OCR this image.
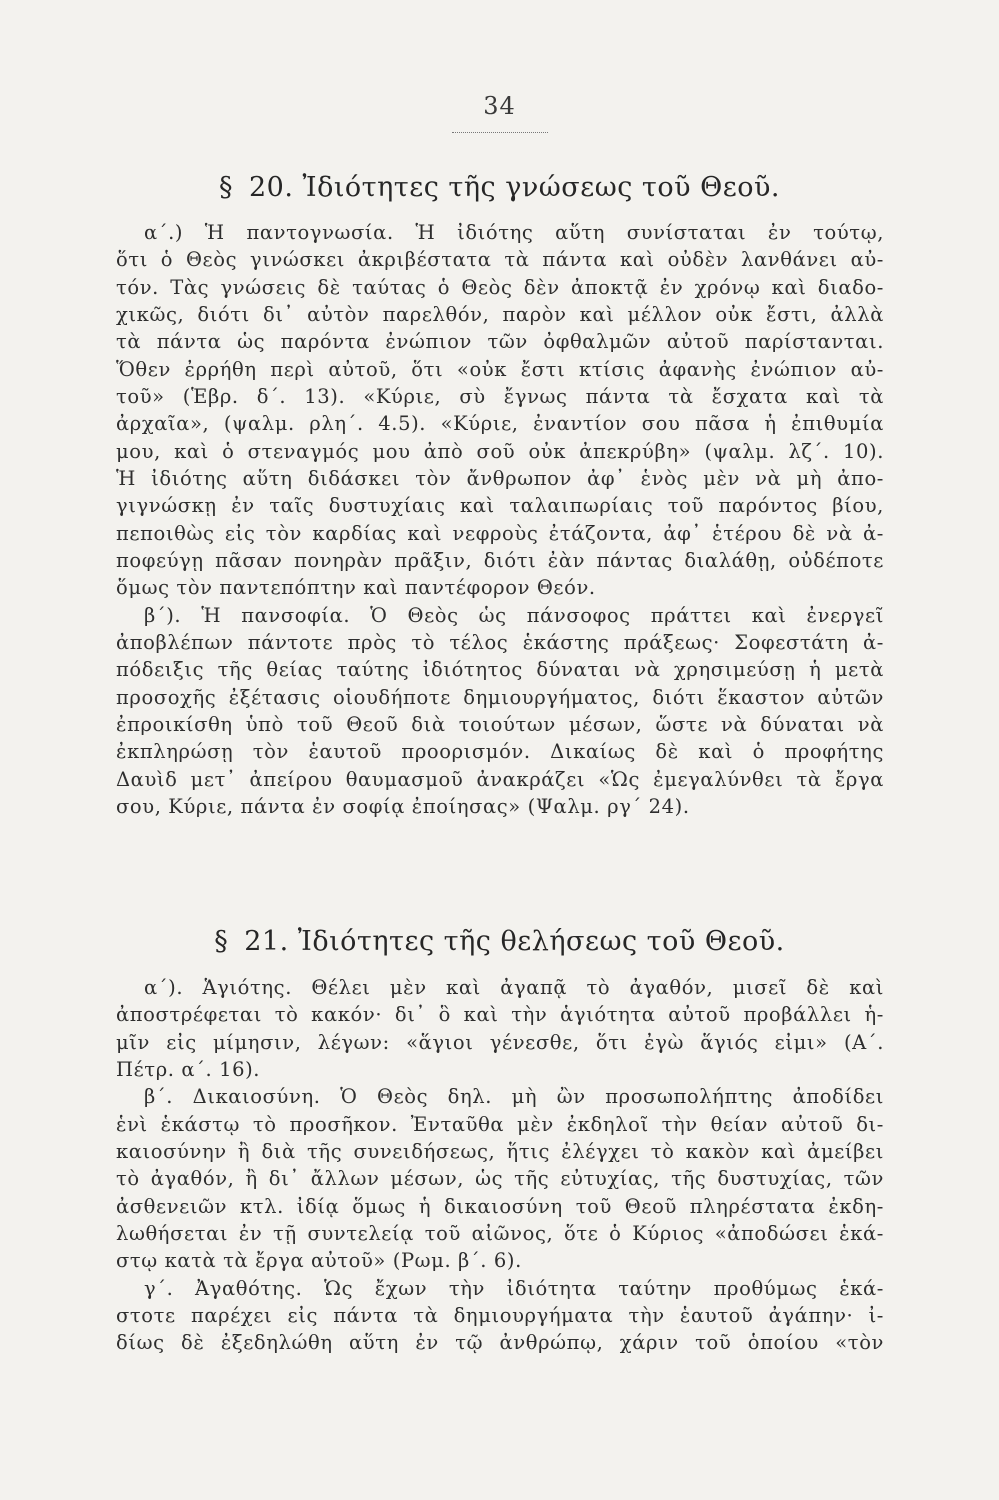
34
§ 20. Ἰδιότητες τῆς γνώσεως τοῦ Θεοῦ.
α΄.) Ἡ παντογνωσία. Ἡ ἰδιότης αὕτη συνίσταται ἐν τούτῳ,
ὅτι ὁ Θεὸς γινώσκει ἀκριβέστατα τὰ πάντα καὶ οὐδὲν λανθάνει αὐ-
τόν. Τὰς γνώσεις δὲ ταύτας ὁ Θεὸς δὲν ἀποκτᾷ ἐν χρόνῳ καὶ διαδο-
χικῶς, διότι δι᾽ αὐτὸν παρελθόν, παρὸν καὶ μέλλον οὐκ ἔστι, ἀλλὰ
τὰ πάντα ὡς παρόντα ἐνώπιον τῶν ὀφθαλμῶν αὐτοῦ παρίστανται.
Ὅθεν ἐρρήθη περὶ αὐτοῦ, ὅτι «οὐκ ἔστι κτίσις ἀφανὴς ἐνώπιον αὐ-
τοῦ» (Ἑβρ. δ΄. 13). «Κύριε, σὺ ἔγνως πάντα τὰ ἔσχατα καὶ τὰ
ἀρχαῖα», (ψαλμ. ρλη΄. 4.5). «Κύριε, ἐναντίον σου πᾶσα ἡ ἐπιθυμία
μου, καὶ ὁ στεναγμός μου ἀπὸ σοῦ οὐκ ἀπεκρύβη» (ψαλμ. λζ΄. 10).
Ἡ ἰδιότης αὕτη διδάσκει τὸν ἄνθρωπον ἀφ᾽ ἑνὸς μὲν νὰ μὴ ἀπο-
γιγνώσκῃ ἐν ταῖς δυστυχίαις καὶ ταλαιπωρίαις τοῦ παρόντος βίου,
πεποιθὼς εἰς τὸν καρδίας καὶ νεφροὺς ἐτάζοντα, ἀφ᾽ ἑτέρου δὲ νὰ ἀ-
ποφεύγῃ πᾶσαν πονηρὰν πρᾶξιν, διότι ἐὰν πάντας διαλάθῃ, οὐδέποτε
ὅμως τὸν παντεπόπτην καὶ παντέφορον Θεόν.
β΄). Ἡ πανσοφία. Ὁ Θεὸς ὡς πάνσοφος πράττει καὶ ἐνεργεῖ
ἀποβλέπων πάντοτε πρὸς τὸ τέλος ἑκάστης πράξεως· Σοφεστάτη ἀ-
πόδειξις τῆς θείας ταύτης ἰδιότητος δύναται νὰ χρησιμεύσῃ ἡ μετὰ
προσοχῆς ἐξέτασις οἱουδήποτε δημιουργήματος, διότι ἕκαστον αὐτῶν
ἐπροικίσθη ὑπὸ τοῦ Θεοῦ διὰ τοιούτων μέσων, ὥστε νὰ δύναται νὰ
ἐκπληρώσῃ τὸν ἑαυτοῦ προορισμόν. Δικαίως δὲ καὶ ὁ προφήτης
Δαυὶδ μετ᾽ ἀπείρου θαυμασμοῦ ἀνακράζει «Ὡς ἐμεγαλύνθει τὰ ἔργα
σου, Κύριε, πάντα ἐν σοφίᾳ ἐποίησας» (Ψαλμ. ργ΄ 24).
§ 21. Ἰδιότητες τῆς θελήσεως τοῦ Θεοῦ.
α΄). Ἁγιότης. Θέλει μὲν καὶ ἀγαπᾷ τὸ ἀγαθόν, μισεῖ δὲ καὶ
ἀποστρέφεται τὸ κακόν· δι᾽ ὃ καὶ τὴν ἁγιότητα αὐτοῦ προβάλλει ἡ-
μῖν εἰς μίμησιν, λέγων: «ἅγιοι γένεσθε, ὅτι ἐγὼ ἅγιός εἰμι» (Α΄.
Πέτρ. α΄. 16).
β΄. Δικαιοσύνη. Ὁ Θεὸς δηλ. μὴ ὢν προσωπολήπτης ἀποδίδει
ἑνὶ ἑκάστῳ τὸ προσῆκον. Ἐνταῦθα μὲν ἐκδηλοῖ τὴν θείαν αὐτοῦ δι-
καιοσύνην ἢ διὰ τῆς συνειδήσεως, ἥτις ἐλέγχει τὸ κακὸν καὶ ἀμείβει
τὸ ἀγαθόν, ἢ δι᾽ ἄλλων μέσων, ὡς τῆς εὐτυχίας, τῆς δυστυχίας, τῶν
ἀσθενειῶν κτλ. ἰδίᾳ ὅμως ἡ δικαιοσύνη τοῦ Θεοῦ πληρέστατα ἐκδη-
λωθήσεται ἐν τῇ συντελείᾳ τοῦ αἰῶνος, ὅτε ὁ Κύριος «ἀποδώσει ἑκά-
στῳ κατὰ τὰ ἔργα αὐτοῦ» (Ρωμ. β΄. 6).
γ΄. Ἀγαθότης. Ὡς ἔχων τὴν ἰδιότητα ταύτην προθύμως ἑκά-
στοτε παρέχει εἰς πάντα τὰ δημιουργήματα τὴν ἑαυτοῦ ἀγάπην· ἰ-
δίως δὲ ἐξεδηλώθη αὕτη ἐν τῷ ἀνθρώπῳ, χάριν τοῦ ὁποίου «τὸν
